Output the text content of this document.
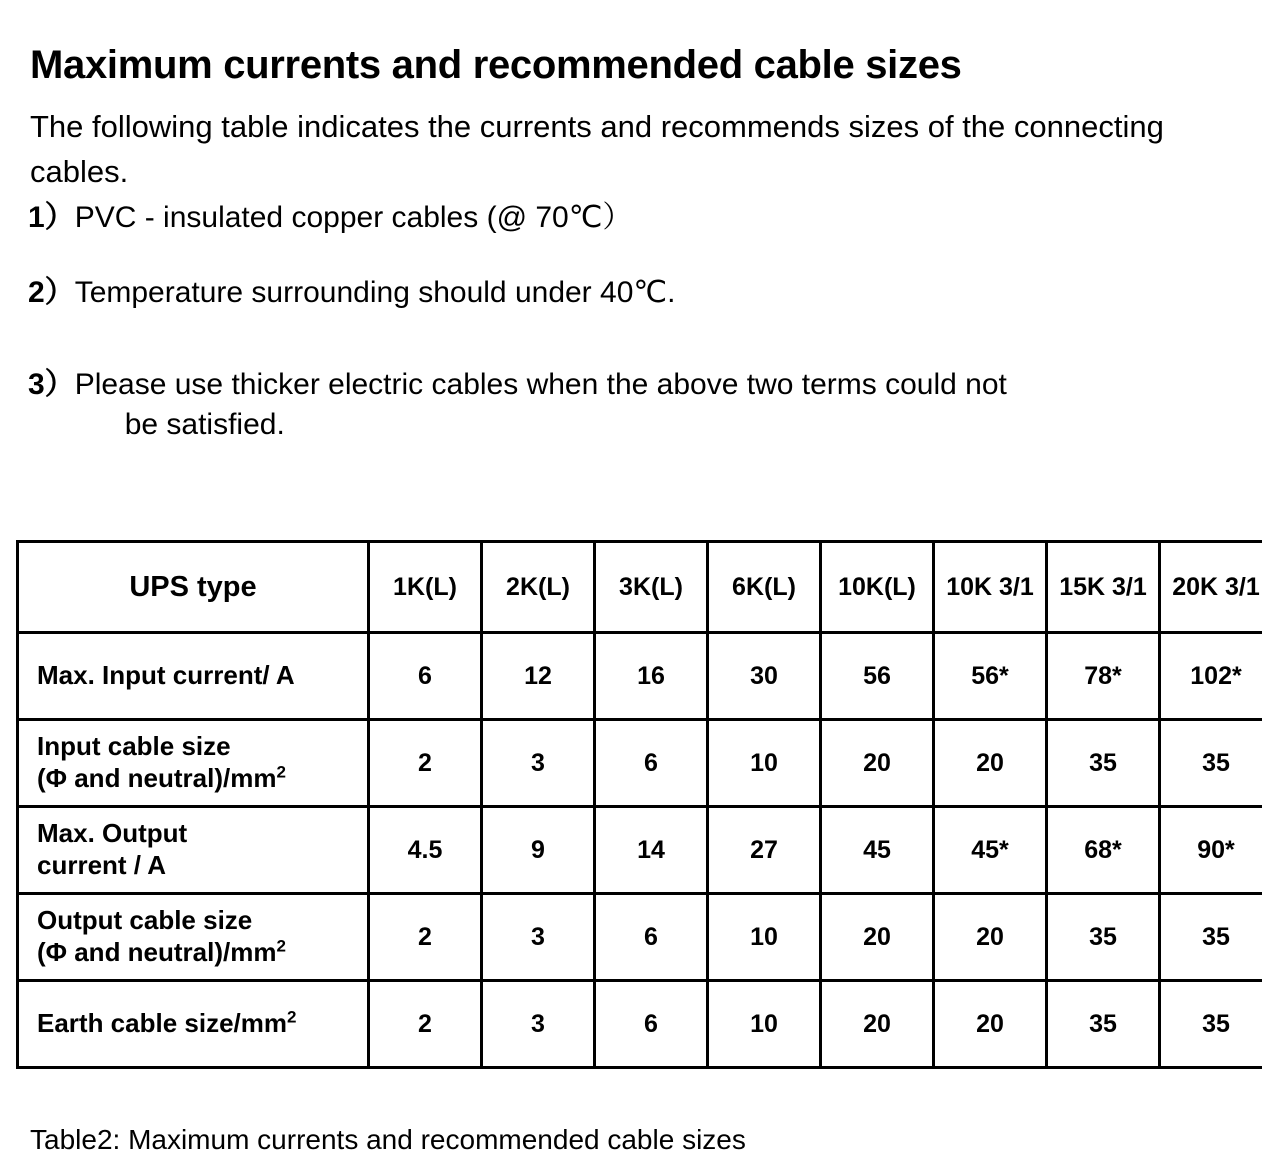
Maximum currents and recommended cable sizes

The following table indicates the currents and recommends sizes of the connecting cables.

1） PVC - insulated copper cables (@ 70℃）
2） Temperature surrounding should under 40℃.
3） Please use thicker electric cables when the above two terms could not
be satisfied.
UPS type	1K(L)	2K(L)	3K(L)	6K(L)	10K(L)	10K 3/1	15K 3/1	20K 3/1
Max. Input current/ A	6	12	16	30	56	56*	78*	102*
Input cable size
(Φ and $neutral)/mm^2$	2	3	6	10	20	20	35	35
Max. Output
current / A	4.5	9	14	27	45	45*	68*	90*
Output cable size
(Φ and $neutral)/mm^2$	2	3	6	10	20	20	35	35
Earth cable size/$mm^2$	2	3	6	10	20	20	35	35
Table2: Maximum currents and recommended cable sizes
